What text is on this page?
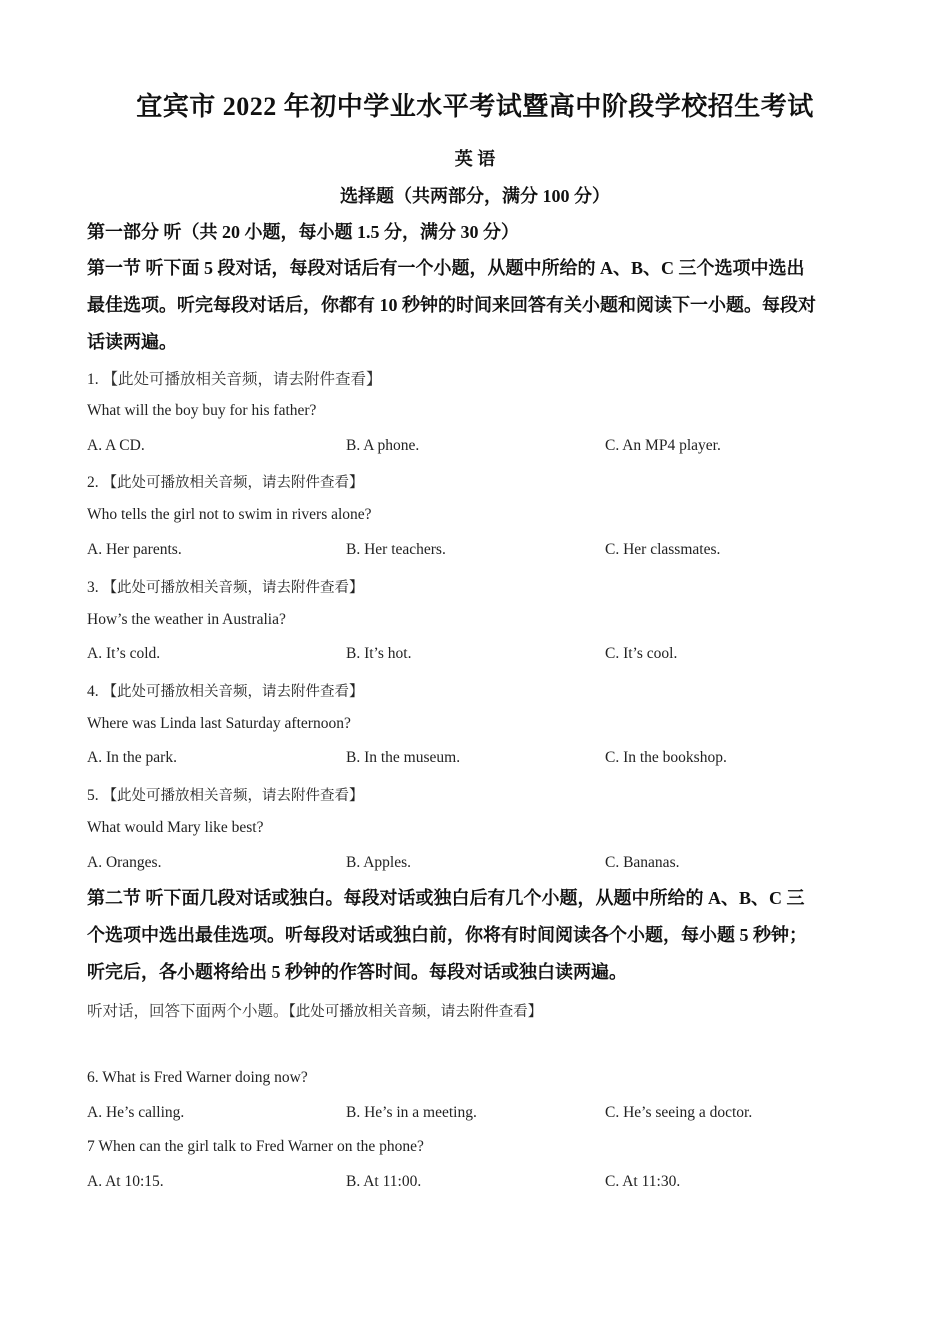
宜宾市 2022 年初中学业水平考试暨高中阶段学校招生考试
英 语
选择题（共两部分，满分 100 分）
第一部分 听（共 20 小题，每小题 1.5 分，满分 30 分）
第一节 听下面 5 段对话，每段对话后有一个小题，从题中所给的 A、B、C 三个选项中选出
最佳选项。听完每段对话后，你都有 10 秒钟的时间来回答有关小题和阅读下一小题。每段对
话读两遍。
1. 【此处可播放相关音频，请去附件查看】
What will the boy buy for his father?
A. A CD.	B. A phone.	C. An MP4 player.
2. 【此处可播放相关音频，请去附件查看】
Who tells the girl not to swim in rivers alone?
A. Her parents.	B. Her teachers.	C. Her classmates.
3. 【此处可播放相关音频，请去附件查看】
How’s the weather in Australia?
A. It’s cold.	B. It’s hot.	C. It’s cool.
4. 【此处可播放相关音频，请去附件查看】
Where was Linda last Saturday afternoon?
A. In the park.	B. In the museum.	C. In the bookshop.
5. 【此处可播放相关音频，请去附件查看】
What would Mary like best?
A. Oranges.	B. Apples.	C. Bananas.
第二节 听下面几段对话或独白。每段对话或独白后有几个小题，从题中所给的 A、B、C 三
个选项中选出最佳选项。听每段对话或独白前，你将有时间阅读各个小题，每小题 5 秒钟；
听完后，各小题将给出 5 秒钟的作答时间。每段对话或独白读两遍。
听对话，回答下面两个小题。【此处可播放相关音频，请去附件查看】
6. What is Fred Warner doing now?
A. He’s calling.	B. He’s in a meeting.	C. He’s seeing a doctor.
7 When can the girl talk to Fred Warner on the phone?
A. At 10:15.	B. At 11:00.	C. At 11:30.
